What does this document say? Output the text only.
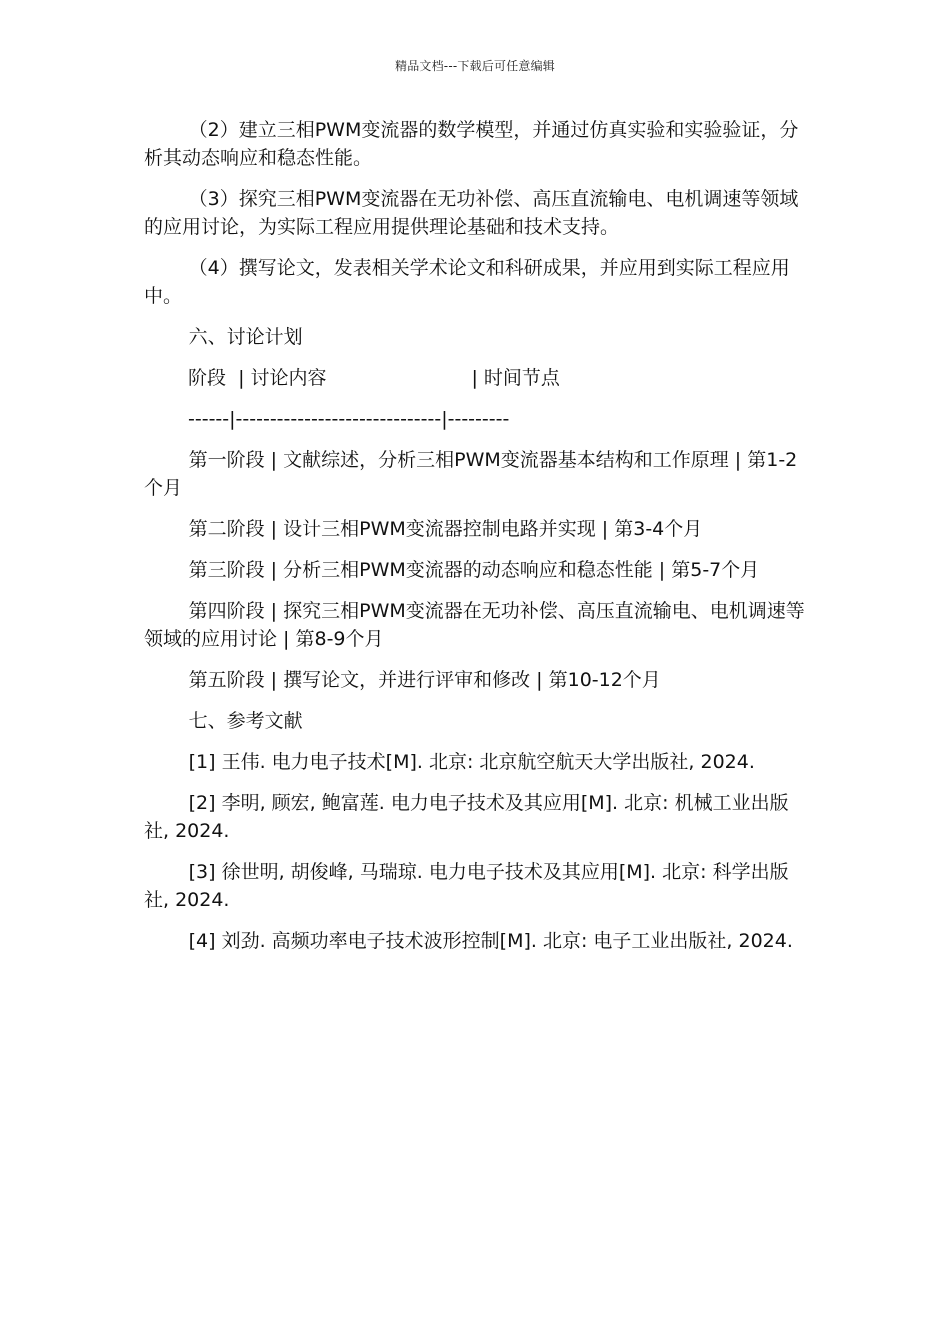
精品文档---下载后可任意编辑

（2）建立三相PWM变流器的数学模型，并通过仿真实验和实验验证，分析其动态响应和稳态性能。

（3）探究三相PWM变流器在无功补偿、高压直流输电、电机调速等领域的应用讨论，为实际工程应用提供理论基础和技术支持。

（4）撰写论文，发表相关学术论文和科研成果，并应用到实际工程应用中。

六、讨论计划

阶段  | 讨论内容                        | 时间节点
------|------------------------------|---------

第一阶段 | 文献综述，分析三相PWM变流器基本结构和工作原理 | 第1-2个月

第二阶段 | 设计三相PWM变流器控制电路并实现 | 第3-4个月

第三阶段 | 分析三相PWM变流器的动态响应和稳态性能 | 第5-7个月

第四阶段 | 探究三相PWM变流器在无功补偿、高压直流输电、电机调速等领域的应用讨论 | 第8-9个月

第五阶段 | 撰写论文，并进行评审和修改 | 第10-12个月

七、参考文献

[1] 王伟. 电力电子技术[M]. 北京: 北京航空航天大学出版社, 2024.

[2] 李明, 顾宏, 鲍富莲. 电力电子技术及其应用[M]. 北京: 机械工业出版社, 2024.

[3] 徐世明, 胡俊峰, 马瑞琼. 电力电子技术及其应用[M]. 北京: 科学出版社, 2024.

[4] 刘劲. 高频功率电子技术波形控制[M]. 北京: 电子工业出版社, 2024.
